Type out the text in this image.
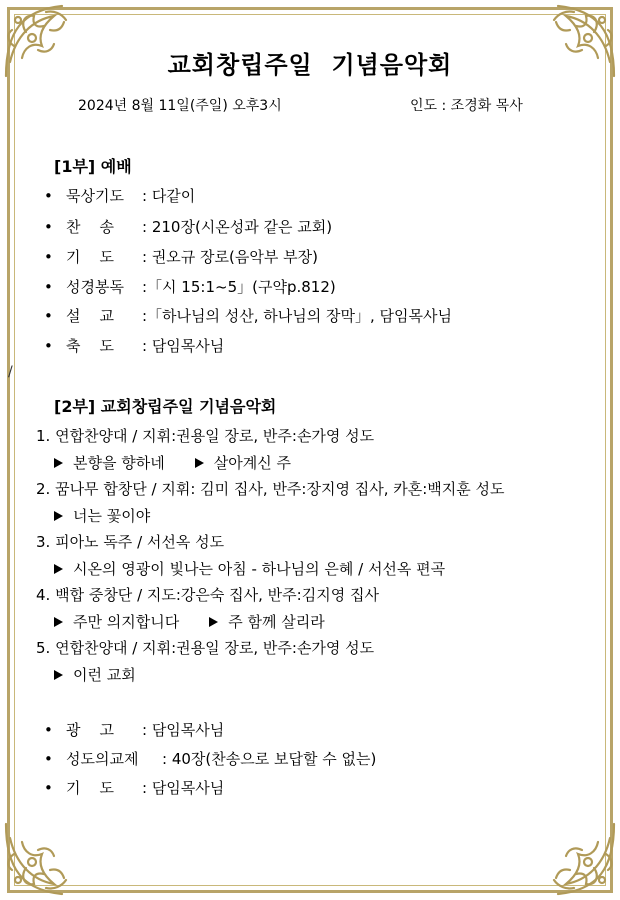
교회창립주일  기념음악회
2024년 8월 11일(주일) 오후3시	인도 : 조경화 목사
[1부] 예배
• 묵상기도 : 다같이
• 찬    송 : 210장(시온성과 같은 교회)
• 기    도 : 권오규 장로(음악부 부장)
• 성경봉독 :「시 15:1~5」(구약p.812)
• 설    교 :「하나님의 성산, 하나님의 장막」, 담임목사님
• 축    도 : 담임목사님
/
[2부] 교회창립주일 기념음악회
1. 연합찬양대 / 지휘:권용일 장로, 반주:손가영 성도
본향을 향하네	살아계신 주
2. 꿈나무 합창단 / 지휘: 김미 집사, 반주:장지영 집사, 카혼:백지훈 성도
너는 꽃이야
3. 피아노 독주 / 서선옥 성도
시온의 영광이 빛나는 아침 - 하나님의 은혜 / 서선옥 편곡
4. 백합 중창단 / 지도:강은숙 집사, 반주:김지영 집사
주만 의지합니다	주 함께 살리라
5. 연합찬양대 / 지휘:권용일 장로, 반주:손가영 성도
이런 교회
• 광    고 : 담임목사님
• 성도의교제 : 40장(찬송으로 보답할 수 없는)
• 기    도 : 담임목사님
